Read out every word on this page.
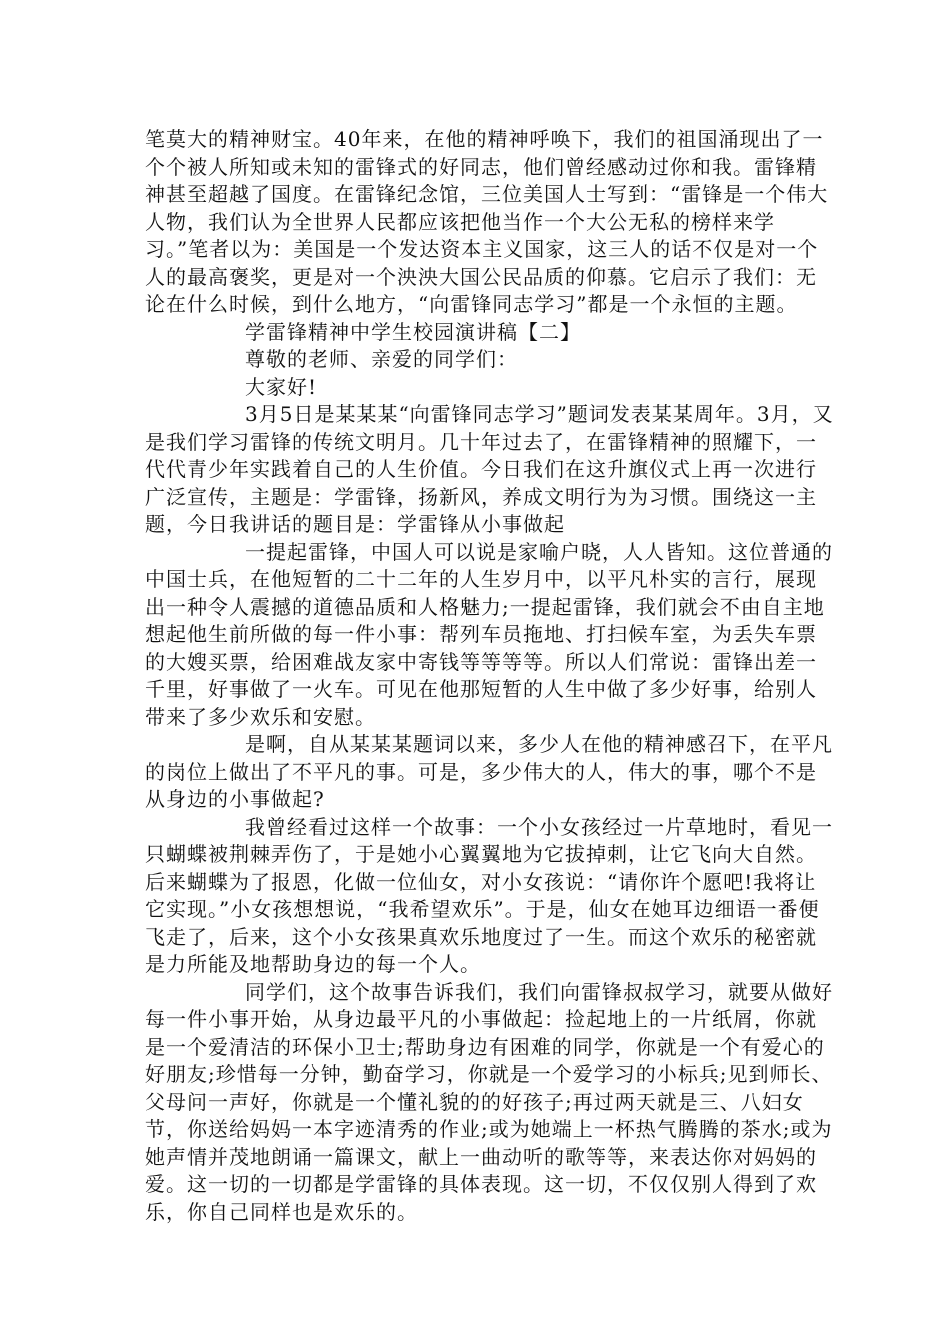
笔莫大的精神财宝。40年来，在他的精神呼唤下，我们的祖国涌现出了一个个被人所知或未知的雷锋式的好同志，他们曾经感动过你和我。雷锋精神甚至超越了国度。在雷锋纪念馆，三位美国人士写到：“雷锋是一个伟大人物，我们认为全世界人民都应该把他当作一个大公无私的榜样来学习。”笔者以为：美国是一个发达资本主义国家，这三人的话不仅是对一个人的最高褒奖，更是对一个泱泱大国公民品质的仰慕。它启示了我们：无论在什么时候，到什么地方，“向雷锋同志学习”都是一个永恒的主题。

学雷锋精神中学生校园演讲稿【二】

尊敬的老师、亲爱的同学们：

大家好!

3月5日是某某某“向雷锋同志学习”题词发表某某周年。3月，又是我们学习雷锋的传统文明月。几十年过去了，在雷锋精神的照耀下，一代代青少年实践着自己的人生价值。今日我们在这升旗仪式上再一次进行广泛宣传，主题是：学雷锋，扬新风，养成文明行为为习惯。围绕这一主题，今日我讲话的题目是：学雷锋从小事做起

一提起雷锋，中国人可以说是家喻户晓，人人皆知。这位普通的中国士兵，在他短暂的二十二年的人生岁月中，以平凡朴实的言行，展现出一种令人震撼的道德品质和人格魅力;一提起雷锋，我们就会不由自主地想起他生前所做的每一件小事：帮列车员拖地、打扫候车室，为丢失车票的大嫂买票，给困难战友家中寄钱等等等等。所以人们常说：雷锋出差一千里，好事做了一火车。可见在他那短暂的人生中做了多少好事，给别人带来了多少欢乐和安慰。

是啊，自从某某某题词以来，多少人在他的精神感召下，在平凡的岗位上做出了不平凡的事。可是，多少伟大的人，伟大的事，哪个不是从身边的小事做起?

我曾经看过这样一个故事：一个小女孩经过一片草地时，看见一只蝴蝶被荆棘弄伤了，于是她小心翼翼地为它拔掉刺，让它飞向大自然。后来蝴蝶为了报恩，化做一位仙女，对小女孩说：“请你许个愿吧!我将让它实现。”小女孩想想说，“我希望欢乐”。于是，仙女在她耳边细语一番便飞走了，后来，这个小女孩果真欢乐地度过了一生。而这个欢乐的秘密就是力所能及地帮助身边的每一个人。

同学们，这个故事告诉我们，我们向雷锋叔叔学习，就要从做好每一件小事开始，从身边最平凡的小事做起：捡起地上的一片纸屑，你就是一个爱清洁的环保小卫士;帮助身边有困难的同学，你就是一个有爱心的好朋友;珍惜每一分钟，勤奋学习，你就是一个爱学习的小标兵;见到师长、父母问一声好，你就是一个懂礼貌的的好孩子;再过两天就是三、八妇女节，你送给妈妈一本字迹清秀的作业;或为她端上一杯热气腾腾的茶水;或为她声情并茂地朗诵一篇课文，献上一曲动听的歌等等，来表达你对妈妈的爱。这一切的一切都是学雷锋的具体表现。这一切，不仅仅别人得到了欢乐，你自己同样也是欢乐的。
